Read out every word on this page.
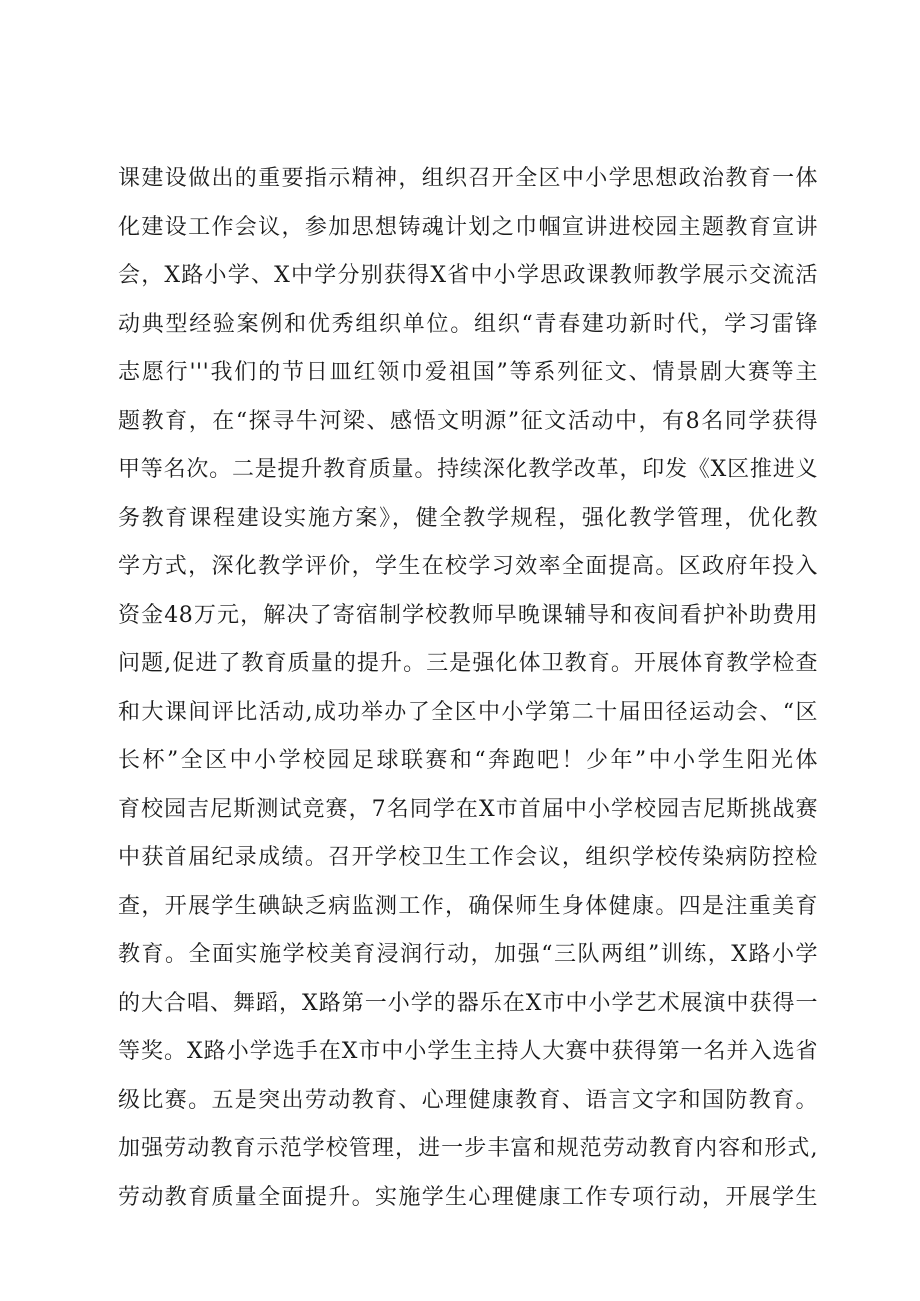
课建设做出的重要指示精神，组织召开全区中小学思想政治教育一体
化建设工作会议，参加思想铸魂计划之巾帼宣讲进校园主题教育宣讲
会，X路小学、X中学分别获得X省中小学思政课教师教学展示交流活
动典型经验案例和优秀组织单位。组织“青春建功新时代，学习雷锋
志愿行'''我们的节日皿红领巾爱祖国”等系列征文、情景剧大赛等主
题教育，在“探寻牛河梁、感悟文明源”征文活动中，有8名同学获得
甲等名次。二是提升教育质量。持续深化教学改革，印发《X区推进义
务教育课程建设实施方案》，健全教学规程，强化教学管理，优化教
学方式，深化教学评价，学生在校学习效率全面提高。区政府年投入
资金48万元，解决了寄宿制学校教师早晚课辅导和夜间看护补助费用
问题,促进了教育质量的提升。三是强化体卫教育。开展体育教学检查
和大课间评比活动,成功举办了全区中小学第二十届田径运动会、“区
长杯”全区中小学校园足球联赛和“奔跑吧！少年”中小学生阳光体
育校园吉尼斯测试竞赛，7名同学在X市首届中小学校园吉尼斯挑战赛
中获首届纪录成绩。召开学校卫生工作会议，组织学校传染病防控检
查，开展学生碘缺乏病监测工作，确保师生身体健康。四是注重美育
教育。全面实施学校美育浸润行动，加强“三队两组”训练，X路小学
的大合唱、舞蹈，X路第一小学的器乐在X市中小学艺术展演中获得一
等奖。X路小学选手在X市中小学生主持人大赛中获得第一名并入选省
级比赛。五是突出劳动教育、心理健康教育、语言文字和国防教育。
加强劳动教育示范学校管理，进一步丰富和规范劳动教育内容和形式,
劳动教育质量全面提升。实施学生心理健康工作专项行动，开展学生
